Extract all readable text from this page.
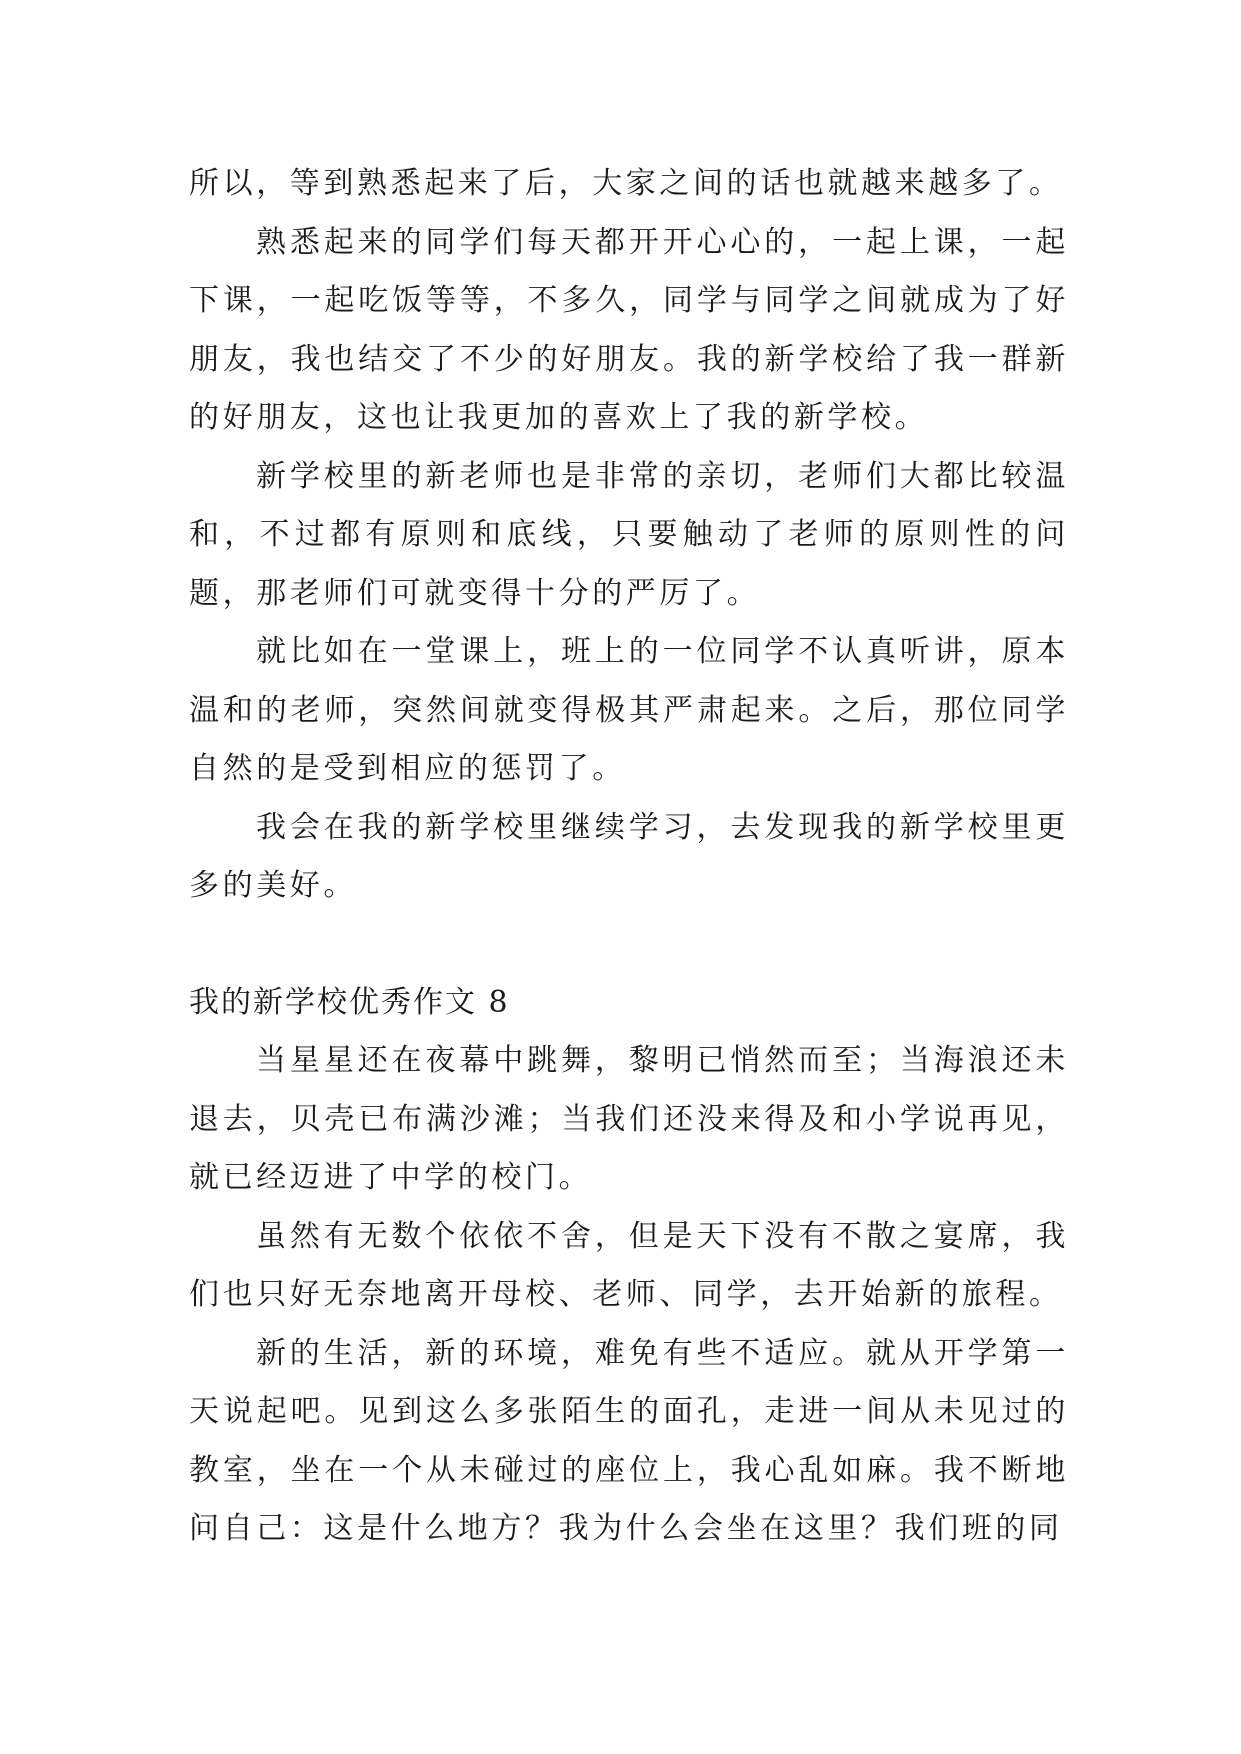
所以，等到熟悉起来了后，大家之间的话也就越来越多了。

熟悉起来的同学们每天都开开心心的，一起上课，一起下课，一起吃饭等等，不多久，同学与同学之间就成为了好朋友，我也结交了不少的好朋友。我的新学校给了我一群新的好朋友，这也让我更加的喜欢上了我的新学校。

新学校里的新老师也是非常的亲切，老师们大都比较温和，不过都有原则和底线，只要触动了老师的原则性的问题，那老师们可就变得十分的严厉了。

就比如在一堂课上，班上的一位同学不认真听讲，原本温和的老师，突然间就变得极其严肃起来。之后，那位同学自然的是受到相应的惩罚了。

我会在我的新学校里继续学习，去发现我的新学校里更多的美好。

我的新学校优秀作文 8

当星星还在夜幕中跳舞，黎明已悄然而至；当海浪还未退去，贝壳已布满沙滩；当我们还没来得及和小学说再见，就已经迈进了中学的校门。

虽然有无数个依依不舍，但是天下没有不散之宴席，我们也只好无奈地离开母校、老师、同学，去开始新的旅程。

新的生活，新的环境，难免有些不适应。就从开学第一天说起吧。见到这么多张陌生的面孔，走进一间从未见过的教室，坐在一个从未碰过的座位上，我心乱如麻。我不断地问自己：这是什么地方？我为什么会坐在这里？我们班的同
